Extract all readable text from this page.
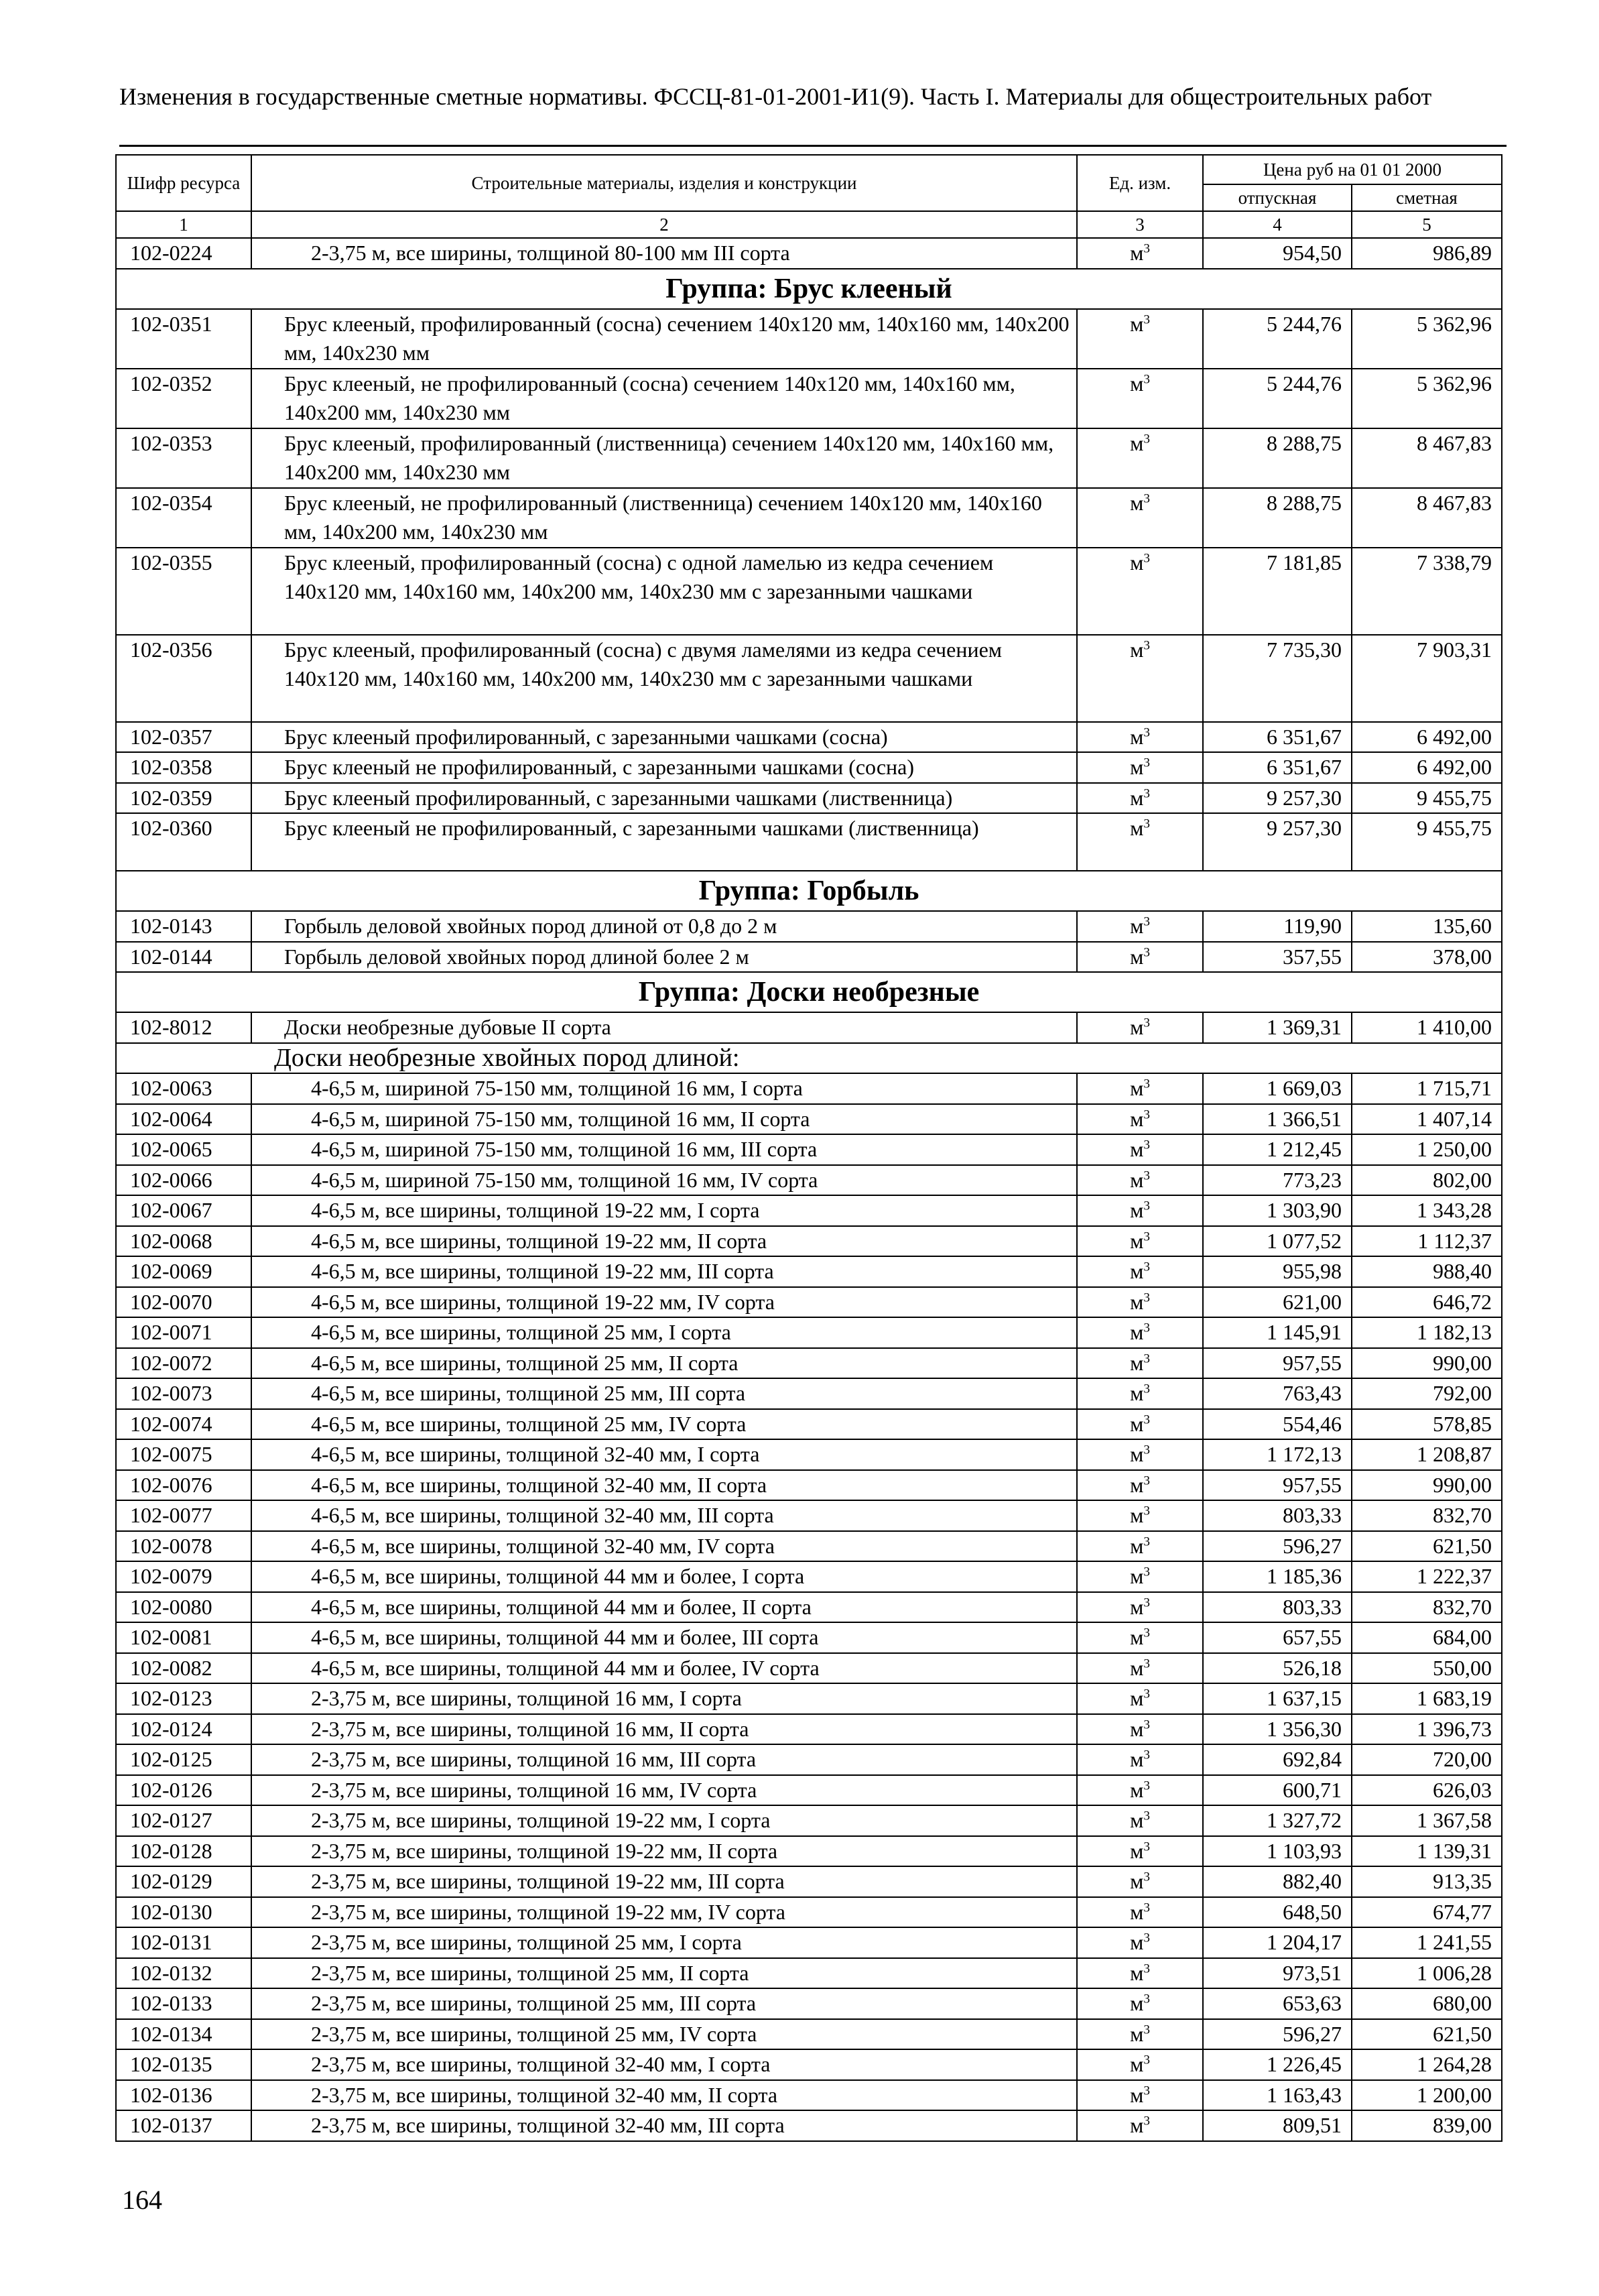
Изменения в государственные сметные нормативы. ФССЦ-81-01-2001-И1(9). Часть I. Материалы для общестроительных работ
Шифр ресурса	Строительные материалы, изделия и конструкции	Ед. изм.	Цена руб на 01 01 2000	
			отпускная	сметная
1	2	3	4	5
102-0224	2-3,75 м, все ширины, толщиной 80-100 мм III сорта	$м^3$	954,50	986,89
Группа: Брус клееный				
102-0351	Брус клееный, профилированный (сосна) сечением 140х120 мм, 140х160 мм, 140х200 мм, 140х230 мм	$м^3$	5 244,76	5 362,96
102-0352	Брус клееный, не профилированный (сосна) сечением 140х120 мм, 140х160 мм, 140х200 мм, 140х230 мм	$м^3$	5 244,76	5 362,96
102-0353	Брус клееный, профилированный (лиственница) сечением 140х120 мм, 140х160 мм, 140х200 мм, 140х230 мм	$м^3$	8 288,75	8 467,83
102-0354	Брус клееный, не профилированный (лиственница) сечением 140х120 мм, 140х160 мм, 140х200 мм, 140х230 мм	$м^3$	8 288,75	8 467,83
102-0355	Брус клееный, профилированный (сосна) с одной ламелью из кедра сечением 140х120 мм, 140х160 мм, 140х200 мм, 140х230 мм с зарезанными чашками	$м^3$	7 181,85	7 338,79
102-0356	Брус клееный, профилированный (сосна) с двумя ламелями из кедра сечением 140х120 мм, 140х160 мм, 140х200 мм, 140х230 мм с зарезанными чашками	$м^3$	7 735,30	7 903,31
102-0357	Брус клееный профилированный, с зарезанными чашками (сосна)	$м^3$	6 351,67	6 492,00
102-0358	Брус клееный не профилированный, с зарезанными чашками (сосна)	$м^3$	6 351,67	6 492,00
102-0359	Брус клееный профилированный, с зарезанными чашками (лиственница)	$м^3$	9 257,30	9 455,75
102-0360	Брус клееный не профилированный, с зарезанными чашками (лиственница)	$м^3$	9 257,30	9 455,75
Группа: Горбыль				
102-0143	Горбыль деловой хвойных пород длиной от 0,8 до 2 м	$м^3$	119,90	135,60
102-0144	Горбыль деловой хвойных пород длиной более 2 м	$м^3$	357,55	378,00
Группа: Доски необрезные				
102-8012	Доски необрезные дубовые II сорта	$м^3$	1 369,31	1 410,00
	Доски необрезные хвойных пород длиной:			
102-0063	4-6,5 м, шириной 75-150 мм, толщиной 16 мм, I сорта	$м^3$	1 669,03	1 715,71
102-0064	4-6,5 м, шириной 75-150 мм, толщиной 16 мм, II сорта	$м^3$	1 366,51	1 407,14
102-0065	4-6,5 м, шириной 75-150 мм, толщиной 16 мм, III сорта	$м^3$	1 212,45	1 250,00
102-0066	4-6,5 м, шириной 75-150 мм, толщиной 16 мм, IV сорта	$м^3$	773,23	802,00
102-0067	4-6,5 м, все ширины, толщиной 19-22 мм, I сорта	$м^3$	1 303,90	1 343,28
102-0068	4-6,5 м, все ширины, толщиной 19-22 мм, II сорта	$м^3$	1 077,52	1 112,37
102-0069	4-6,5 м, все ширины, толщиной 19-22 мм, III сорта	$м^3$	955,98	988,40
102-0070	4-6,5 м, все ширины, толщиной 19-22 мм, IV сорта	$м^3$	621,00	646,72
102-0071	4-6,5 м, все ширины, толщиной 25 мм, I сорта	$м^3$	1 145,91	1 182,13
102-0072	4-6,5 м, все ширины, толщиной 25 мм, II сорта	$м^3$	957,55	990,00
102-0073	4-6,5 м, все ширины, толщиной 25 мм, III сорта	$м^3$	763,43	792,00
102-0074	4-6,5 м, все ширины, толщиной 25 мм, IV сорта	$м^3$	554,46	578,85
102-0075	4-6,5 м, все ширины, толщиной 32-40 мм, I сорта	$м^3$	1 172,13	1 208,87
102-0076	4-6,5 м, все ширины, толщиной 32-40 мм, II сорта	$м^3$	957,55	990,00
102-0077	4-6,5 м, все ширины, толщиной 32-40 мм, III сорта	$м^3$	803,33	832,70
102-0078	4-6,5 м, все ширины, толщиной 32-40 мм, IV сорта	$м^3$	596,27	621,50
102-0079	4-6,5 м, все ширины, толщиной 44 мм и более, I сорта	$м^3$	1 185,36	1 222,37
102-0080	4-6,5 м, все ширины, толщиной 44 мм и более, II сорта	$м^3$	803,33	832,70
102-0081	4-6,5 м, все ширины, толщиной 44 мм и более, III сорта	$м^3$	657,55	684,00
102-0082	4-6,5 м, все ширины, толщиной 44 мм и более, IV сорта	$м^3$	526,18	550,00
102-0123	2-3,75 м, все ширины, толщиной 16 мм, I сорта	$м^3$	1 637,15	1 683,19
102-0124	2-3,75 м, все ширины, толщиной 16 мм, II сорта	$м^3$	1 356,30	1 396,73
102-0125	2-3,75 м, все ширины, толщиной 16 мм, III сорта	$м^3$	692,84	720,00
102-0126	2-3,75 м, все ширины, толщиной 16 мм, IV сорта	$м^3$	600,71	626,03
102-0127	2-3,75 м, все ширины, толщиной 19-22 мм, I сорта	$м^3$	1 327,72	1 367,58
102-0128	2-3,75 м, все ширины, толщиной 19-22 мм, II сорта	$м^3$	1 103,93	1 139,31
102-0129	2-3,75 м, все ширины, толщиной 19-22 мм, III сорта	$м^3$	882,40	913,35
102-0130	2-3,75 м, все ширины, толщиной 19-22 мм, IV сорта	$м^3$	648,50	674,77
102-0131	2-3,75 м, все ширины, толщиной 25 мм, I сорта	$м^3$	1 204,17	1 241,55
102-0132	2-3,75 м, все ширины, толщиной 25 мм, II сорта	$м^3$	973,51	1 006,28
102-0133	2-3,75 м, все ширины, толщиной 25 мм, III сорта	$м^3$	653,63	680,00
102-0134	2-3,75 м, все ширины, толщиной 25 мм, IV сорта	$м^3$	596,27	621,50
102-0135	2-3,75 м, все ширины, толщиной 32-40 мм, I сорта	$м^3$	1 226,45	1 264,28
102-0136	2-3,75 м, все ширины, толщиной 32-40 мм, II сорта	$м^3$	1 163,43	1 200,00
102-0137	2-3,75 м, все ширины, толщиной 32-40 мм, III сорта	$м^3$	809,51	839,00
164
